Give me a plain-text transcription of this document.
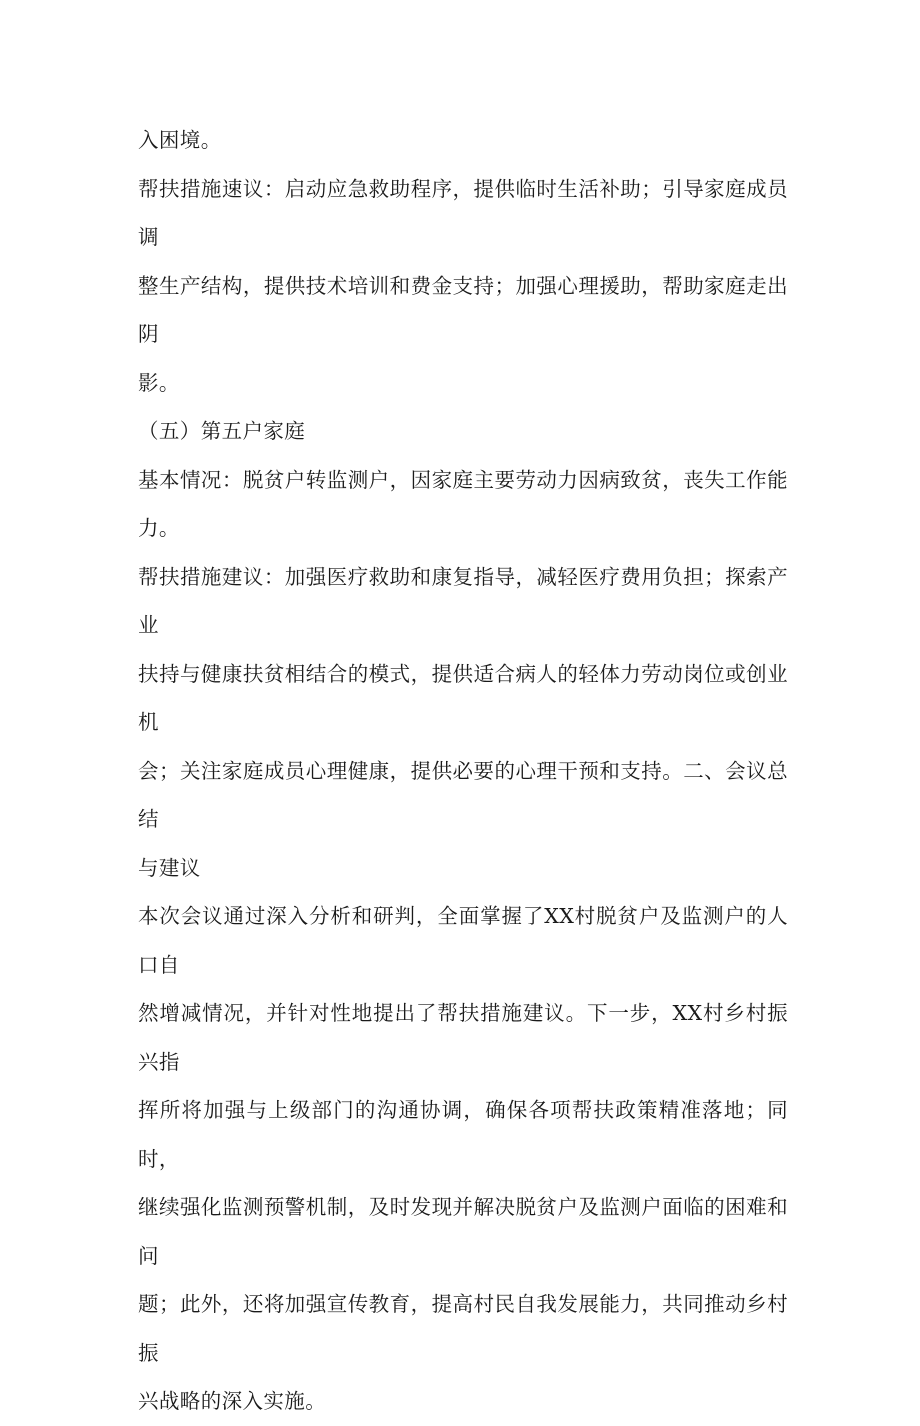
入困境。

帮扶措施速议：启动应急救助程序，提供临时生活补助；引导家庭成员调
整生产结构，提供技术培训和费金支持；加强心理援助，帮助家庭走出阴
影。

（五）第五户家庭

基本情况：脱贫户转监测户，因家庭主要劳动力因病致贫，丧失工作能力。

帮扶措施建议：加强医疗救助和康复指导，减轻医疗费用负担；探索产业
扶持与健康扶贫相结合的模式，提供适合病人的轻体力劳动岗位或创业机
会；关注家庭成员心理健康，提供必要的心理干预和支持。二、会议总结
与建议

本次会议通过深入分析和研判，全面掌握了XX村脱贫户及监测户的人口自
然增减情况，并针对性地提出了帮扶措施建议。下一步，XX村乡村振兴指
挥所将加强与上级部门的沟通协调，确保各项帮扶政策精准落地；同时，
继续强化监测预警机制，及时发现并解决脱贫户及监测户面临的困难和问
题；此外，还将加强宣传教育，提高村民自我发展能力，共同推动乡村振
兴战略的深入实施。
